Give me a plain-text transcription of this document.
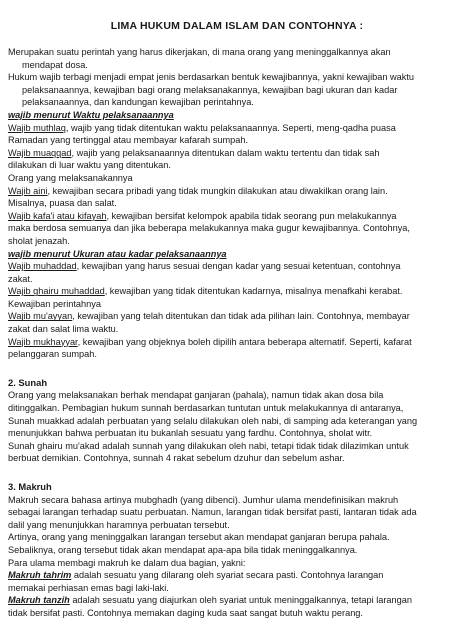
LIMA HUKUM DALAM ISLAM DAN CONTOHNYA :

Merupakan suatu perintah yang harus dikerjakan, di mana orang yang meninggalkannya akan

mendapat dosa.

Hukum wajib terbagi menjadi empat jenis berdasarkan bentuk kewajibannya, yakni kewajiban waktu

pelaksanaannya, kewajiban bagi orang melaksanakannya, kewajiban bagi ukuran dan kadar

pelaksanaannya, dan kandungan kewajiban perintahnya.

wajib menurut Waktu pelaksanaannya

Wajib muthlaq, wajib yang tidak ditentukan waktu pelaksanaannya. Seperti, meng-qadha puasa

Ramadan yang tertinggal atau membayar kafarah sumpah.

Wajib muaqqad, wajib yang pelaksanaannya ditentukan dalam waktu tertentu dan tidak sah

dilakukan di luar waktu yang ditentukan.

Orang yang melaksanakannya

Wajib aini, kewajiban secara pribadi yang tidak mungkin dilakukan atau diwakilkan orang lain.

Misalnya, puasa dan salat.

Wajib kafa'i atau kifayah, kewajiban bersifat kelompok apabila tidak seorang pun melakukannya

maka berdosa semuanya dan jika beberapa melakukannya maka gugur kewajibannya. Contohnya,

sholat jenazah.

wajib menurut Ukuran atau kadar pelaksanaannya

Wajib muhaddad, kewajiban yang harus sesuai dengan kadar yang sesuai ketentuan, contohnya

zakat.

Wajib ghairu muhaddad, kewajiban yang tidak ditentukan kadarnya, misalnya menafkahi kerabat.

Kewajiban perintahnya

Wajib mu'ayyan, kewajiban yang telah ditentukan dan tidak ada pilihan lain. Contohnya, membayar

zakat dan salat lima waktu.

Wajib mukhayyar, kewajiban yang objeknya boleh dipilih antara beberapa alternatif. Seperti, kafarat

pelanggaran sumpah.

2. Sunah

Orang yang melaksanakan berhak mendapat ganjaran (pahala), namun tidak akan dosa bila

ditinggalkan. Pembagian hukum sunnah berdasarkan tuntutan untuk melakukannya di antaranya,

Sunah muakkad adalah perbuatan yang selalu dilakukan oleh nabi, di samping ada keterangan yang

menunjukkan bahwa perbuatan itu bukanlah sesuatu yang fardhu. Contohnya, sholat witr.

Sunah ghairu mu'akad adalah sunnah yang dilakukan oleh nabi, tetapi tidak tidak dilazimkan untuk

berbuat demikian. Contohnya, sunnah 4 rakat sebelum dzuhur dan sebelum ashar.

3. Makruh

Makruh secara bahasa artinya mubghadh (yang dibenci). Jumhur ulama mendefinisikan makruh

sebagai larangan terhadap suatu perbuatan. Namun, larangan tidak bersifat pasti, lantaran tidak ada

dalil yang menunjukkan haramnya perbuatan tersebut.

Artinya, orang yang meninggalkan larangan tersebut akan mendapat ganjaran berupa pahala.

Sebaliknya, orang tersebut tidak akan mendapat apa-apa bila tidak meninggalkannya.

Para ulama membagi makruh ke dalam dua bagian, yakni:

Makruh tahrim adalah sesuatu yang dilarang oleh syariat secara pasti. Contohnya larangan

memakai perhiasan emas bagi laki-laki.

Makruh tanzih adalah sesuatu yang diajurkan oleh syariat untuk meninggalkannya, tetapi larangan

tidak bersifat pasti. Contohnya memakan daging kuda saat sangat butuh waktu perang.
